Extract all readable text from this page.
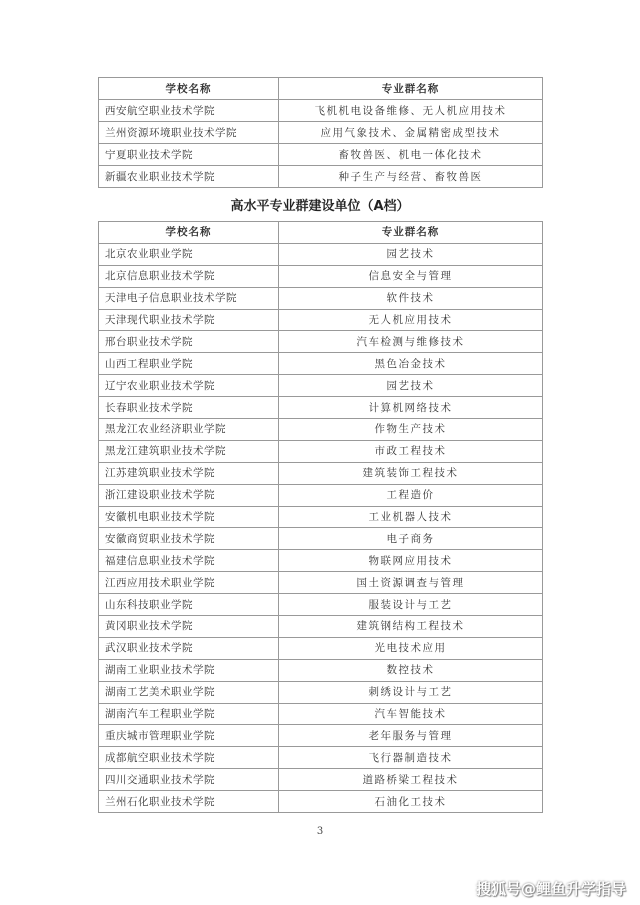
学校名称	专业群名称
西安航空职业技术学院	飞机机电设备维修、无人机应用技术
兰州资源环境职业技术学院	应用气象技术、金属精密成型技术
宁夏职业技术学院	畜牧兽医、机电一体化技术
新疆农业职业技术学院	种子生产与经营、畜牧兽医
高水平专业群建设单位（A档）
学校名称	专业群名称
北京农业职业学院	园艺技术
北京信息职业技术学院	信息安全与管理
天津电子信息职业技术学院	软件技术
天津现代职业技术学院	无人机应用技术
邢台职业技术学院	汽车检测与维修技术
山西工程职业学院	黑色冶金技术
辽宁农业职业技术学院	园艺技术
长春职业技术学院	计算机网络技术
黑龙江农业经济职业学院	作物生产技术
黑龙江建筑职业技术学院	市政工程技术
江苏建筑职业技术学院	建筑装饰工程技术
浙江建设职业技术学院	工程造价
安徽机电职业技术学院	工业机器人技术
安徽商贸职业技术学院	电子商务
福建信息职业技术学院	物联网应用技术
江西应用技术职业学院	国土资源调查与管理
山东科技职业学院	服装设计与工艺
黄冈职业技术学院	建筑钢结构工程技术
武汉职业技术学院	光电技术应用
湖南工业职业技术学院	数控技术
湖南工艺美术职业学院	刺绣设计与工艺
湖南汽车工程职业学院	汽车智能技术
重庆城市管理职业学院	老年服务与管理
成都航空职业技术学院	飞行器制造技术
四川交通职业技术学院	道路桥梁工程技术
兰州石化职业技术学院	石油化工技术
3
搜狐号@鲤鱼升学指导
